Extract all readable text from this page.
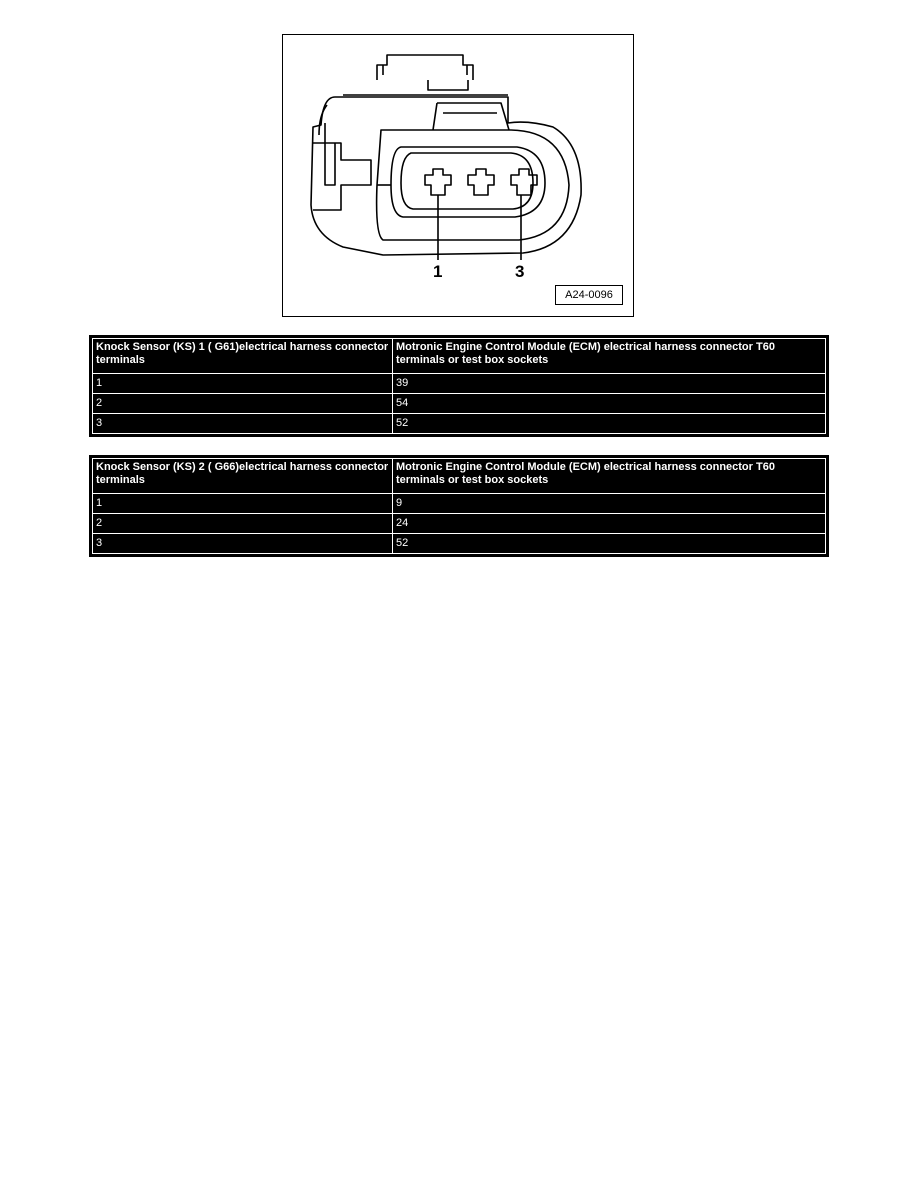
1	3
A24-0096
Knock Sensor (KS) 1 ( G61)electrical harness connector terminals	Motronic Engine Control Module (ECM) electrical harness connector T60 terminals or test box sockets
1	39
2	54
3	52
Knock Sensor (KS) 2 ( G66)electrical harness connector terminals	Motronic Engine Control Module (ECM) electrical harness connector T60 terminals or test box sockets
1	9
2	24
3	52
